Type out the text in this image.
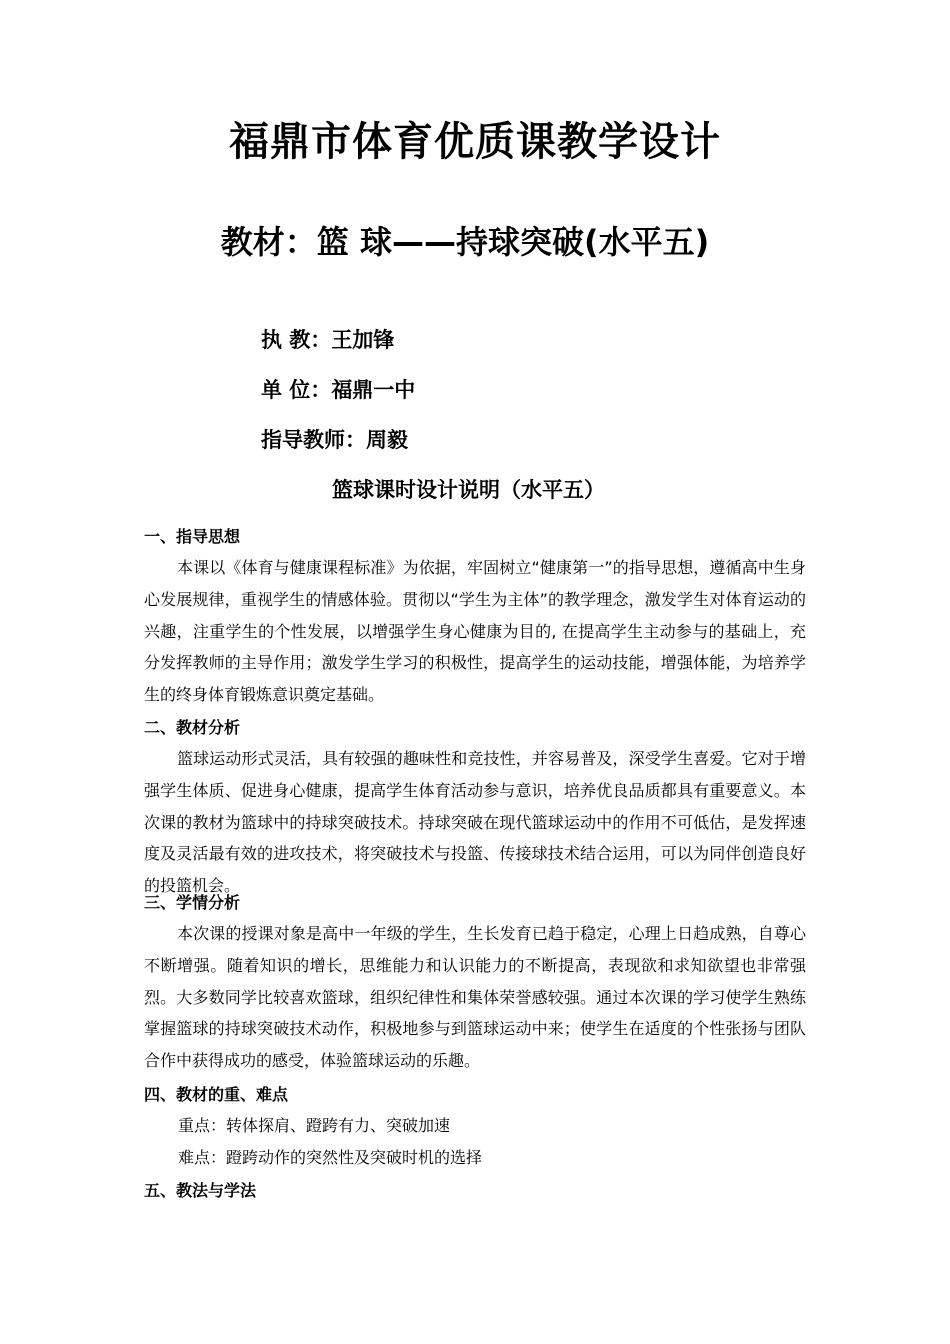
福鼎市体育优质课教学设计
教材：篮 球——持球突破(水平五)
执 教：王加锋
单 位：福鼎一中
指导教师：周毅
篮球课时设计说明（水平五）
一、指导思想
本课以《体育与健康课程标准》为依据，牢固树立“健康第一”的指导思想，遵循高中生身心发展规律，重视学生的情感体验。贯彻以“学生为主体”的教学理念，激发学生对体育运动的兴趣，注重学生的个性发展，以增强学生身心健康为目的, 在提高学生主动参与的基础上，充分发挥教师的主导作用；激发学生学习的积极性，提高学生的运动技能，增强体能，为培养学生的终身体育锻炼意识奠定基础。
二、教材分析
篮球运动形式灵活，具有较强的趣味性和竞技性，并容易普及，深受学生喜爱。它对于增强学生体质、促进身心健康，提高学生体育活动参与意识，培养优良品质都具有重要意义。本次课的教材为篮球中的持球突破技术。持球突破在现代篮球运动中的作用不可低估，是发挥速度及灵活最有效的进攻技术，将突破技术与投篮、传接球技术结合运用，可以为同伴创造良好的投篮机会。
三、学情分析
本次课的授课对象是高中一年级的学生，生长发育已趋于稳定，心理上日趋成熟，自尊心不断增强。随着知识的增长，思维能力和认识能力的不断提高，表现欲和求知欲望也非常强烈。大多数同学比较喜欢篮球，组织纪律性和集体荣誉感较强。通过本次课的学习使学生熟练掌握篮球的持球突破技术动作，积极地参与到篮球运动中来；使学生在适度的个性张扬与团队合作中获得成功的感受，体验篮球运动的乐趣。
四、教材的重、难点
重点：转体探肩、蹬跨有力、突破加速
难点：蹬跨动作的突然性及突破时机的选择
五、教法与学法
